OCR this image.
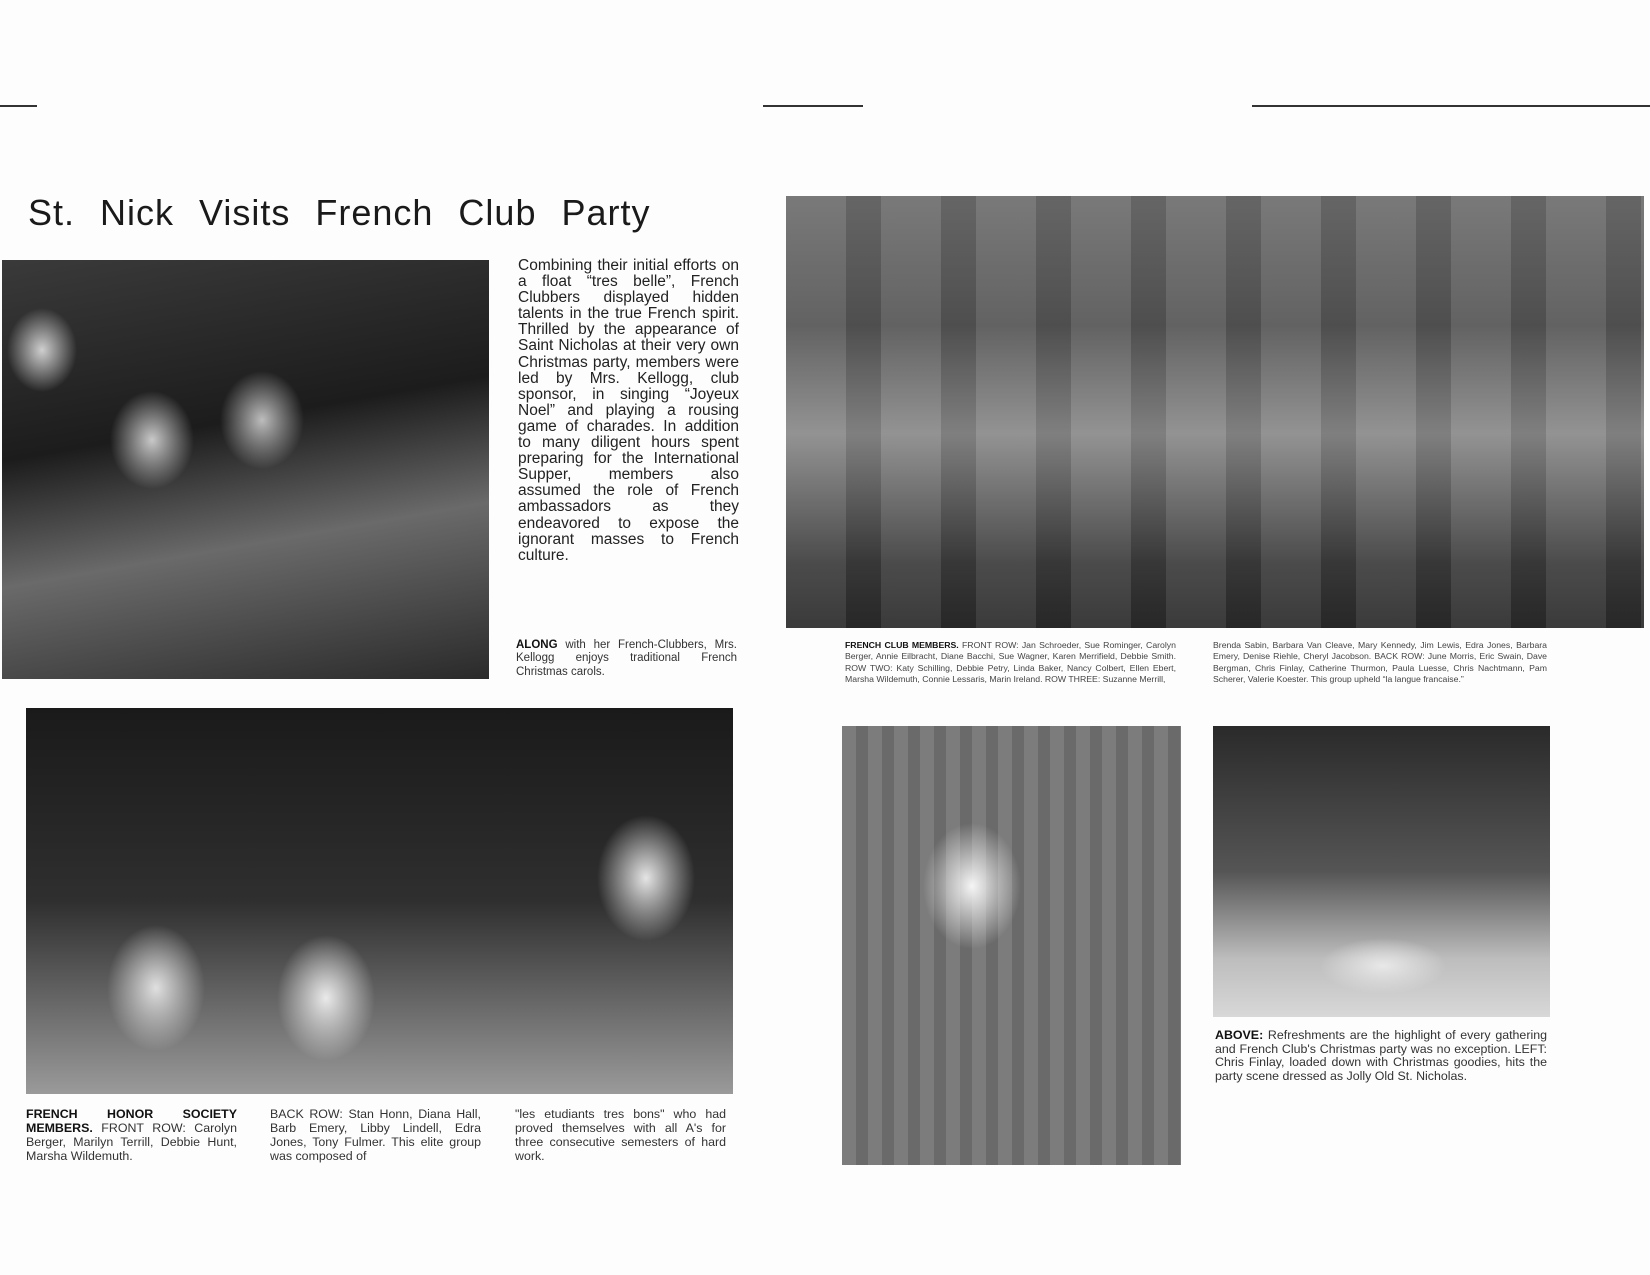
St. Nick Visits French Club Party
Combining their initial efforts on a float “tres belle”, French Clubbers displayed hidden talents in the true French spirit. Thrilled by the appearance of Saint Nicholas at their very own Christmas party, members were led by Mrs. Kellogg, club sponsor, in singing “Joyeux Noel” and playing a rousing game of charades. In addition to many diligent hours spent preparing for the International Supper, members also assumed the role of French ambassadors as they endeavored to expose the ignorant masses to French culture.
ALONG with her French-Clubbers, Mrs. Kellogg enjoys traditional French Christmas carols.
FRENCH CLUB MEMBERS. FRONT ROW: Jan Schroeder, Sue Rominger, Carolyn Berger, Annie Eilbracht, Diane Bacchi, Sue Wagner, Karen Merrifield, Debbie Smith. ROW TWO: Katy Schilling, Debbie Petry, Linda Baker, Nancy Colbert, Ellen Ebert, Marsha Wildemuth, Connie Lessaris, Marin Ireland. ROW THREE: Suzanne Merrill,
Brenda Sabin, Barbara Van Cleave, Mary Kennedy, Jim Lewis, Edra Jones, Barbara Emery, Denise Riehle, Cheryl Jacobson. BACK ROW: June Morris, Eric Swain, Dave Bergman, Chris Finlay, Catherine Thurmon, Paula Luesse, Chris Nachtmann, Pam Scherer, Valerie Koester. This group upheld “la langue francaise.”
FRENCH HONOR SOCIETY MEMBERS. FRONT ROW: Carolyn Berger, Marilyn Terrill, Debbie Hunt, Marsha Wildemuth.
BACK ROW: Stan Honn, Diana Hall, Barb Emery, Libby Lindell, Edra Jones, Tony Fulmer. This elite group was composed of
"les etudiants tres bons" who had proved themselves with all A's for three consecutive semesters of hard work.
ABOVE: Refreshments are the highlight of every gathering and French Club's Christmas party was no exception. LEFT: Chris Finlay, loaded down with Christmas goodies, hits the party scene dressed as Jolly Old St. Nicholas.
